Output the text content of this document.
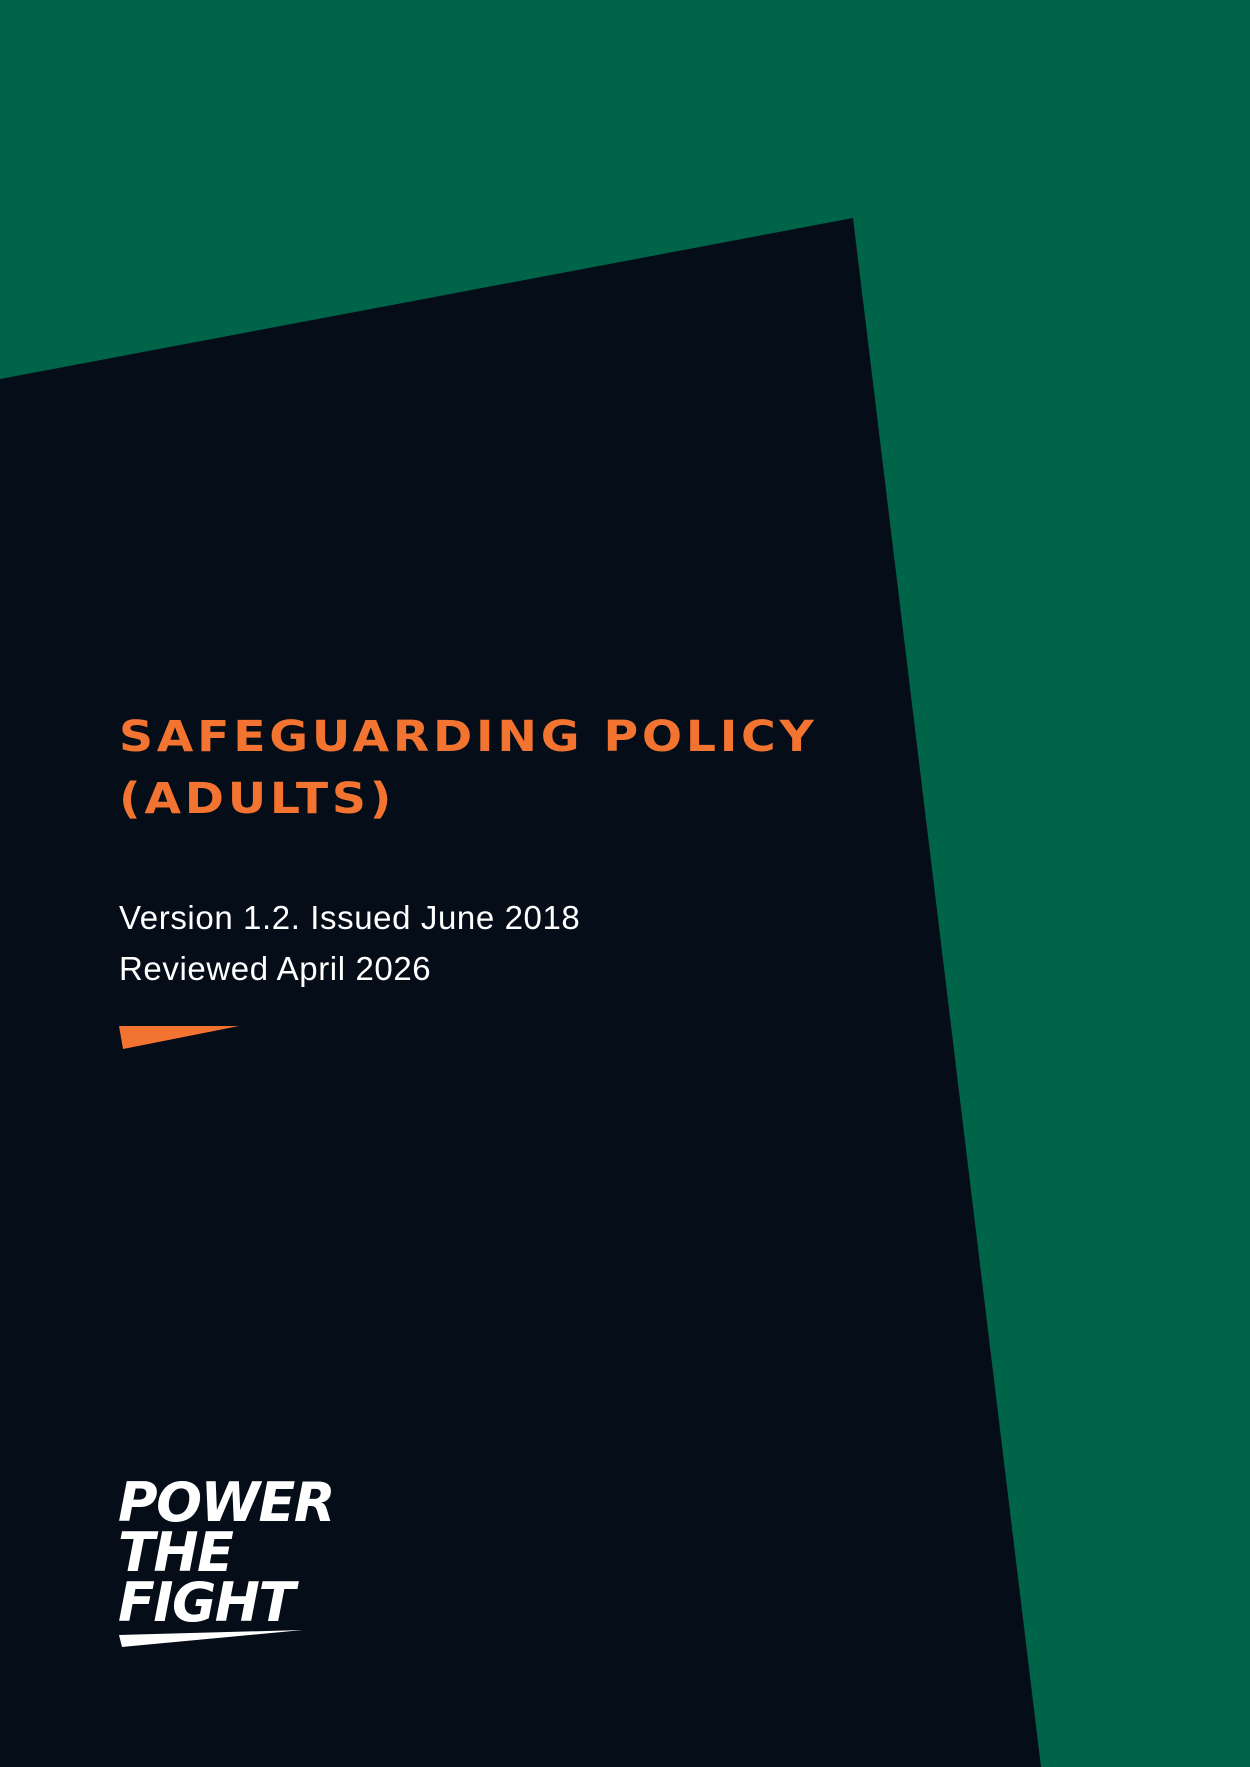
SAFEGUARDING POLICY
(ADULTS)
Version 1.2. Issued June 2018
Reviewed April 2026
POWER
THE
FIGHT
